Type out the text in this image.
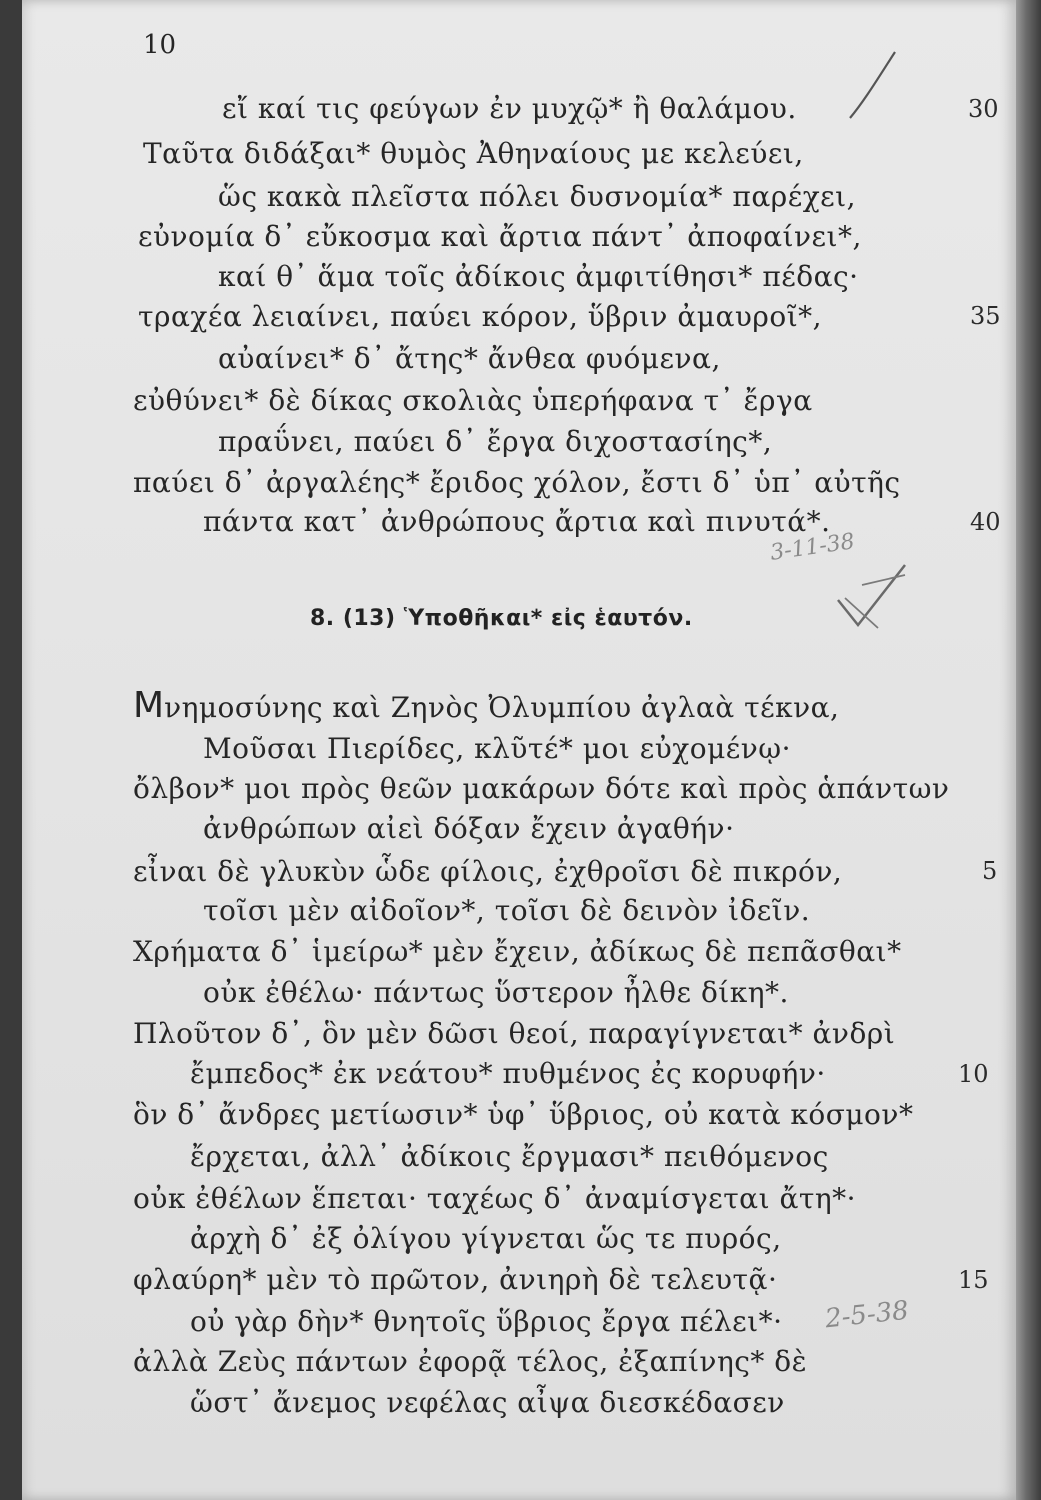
10
εἴ καί τις φεύγων ἐν μυχῷ* ἢ θαλάμου.	30
Ταῦτα διδάξαι* θυμὸς Ἀθηναίους με κελεύει,
ὥς κακὰ πλεῖστα πόλει δυσνομία* παρέχει,
εὐνομία δ᾽ εὔκοσμα καὶ ἄρτια πάντ᾽ ἀποφαίνει*,
καί θ᾽ ἅμα τοῖς ἀδίκοις ἀμφιτίθησι* πέδας·
τραχέα λειαίνει, παύει κόρον, ὕβριν ἀμαυροῖ*,	35
αὐαίνει* δ᾽ ἄτης* ἄνθεα φυόμενα,
εὐθύνει* δὲ δίκας σκολιὰς ὑπερήφανα τ᾽ ἔργα
πραΰνει, παύει δ᾽ ἔργα διχοστασίης*,
παύει δ᾽ ἀργαλέης* ἔριδος χόλον, ἔστι δ᾽ ὑπ᾽ αὐτῆς
πάντα κατ᾽ ἀνθρώπους ἄρτια καὶ πινυτά*.	40
8. (13) Ὑποθῆκαι* εἰς ἑαυτόν.
Μνημοσύνης καὶ Ζηνὸς Ὀλυμπίου ἀγλαὰ τέκνα,
Μοῦσαι Πιερίδες, κλῦτέ* μοι εὐχομένῳ·
ὄλβον* μοι πρὸς θεῶν μακάρων δότε καὶ πρὸς ἁπάντων
ἀνθρώπων αἰεὶ δόξαν ἔχειν ἀγαθήν·
εἶναι δὲ γλυκὺν ὧδε φίλοις, ἐχθροῖσι δὲ πικρόν,	5
τοῖσι μὲν αἰδοῖον*, τοῖσι δὲ δεινὸν ἰδεῖν.
Χρήματα δ᾽ ἱμείρω* μὲν ἔχειν, ἀδίκως δὲ πεπᾶσθαι*
οὐκ ἐθέλω· πάντως ὕστερον ἦλθε δίκη*.
Πλοῦτον δ᾽, ὃν μὲν δῶσι θεοί, παραγίγνεται* ἀνδρὶ
ἔμπεδος* ἐκ νεάτου* πυθμένος ἐς κορυφήν·	10
ὃν δ᾽ ἄνδρες μετίωσιν* ὑφ᾽ ὕβριος, οὐ κατὰ κόσμον*
ἔρχεται, ἀλλ᾽ ἀδίκοις ἔργμασι* πειθόμενος
οὐκ ἐθέλων ἕπεται· ταχέως δ᾽ ἀναμίσγεται ἄτη*·
ἀρχὴ δ᾽ ἐξ ὀλίγου γίγνεται ὥς τε πυρός,
φλαύρη* μὲν τὸ πρῶτον, ἀνιηρὴ δὲ τελευτᾷ·	15
οὐ γὰρ δὴν* θνητοῖς ὕβριος ἔργα πέλει*·
ἀλλὰ Ζεὺς πάντων ἐφορᾷ τέλος, ἐξαπίνης* δὲ
ὥστ᾽ ἄνεμος νεφέλας αἶψα διεσκέδασεν
3-11-38
2-5-38
